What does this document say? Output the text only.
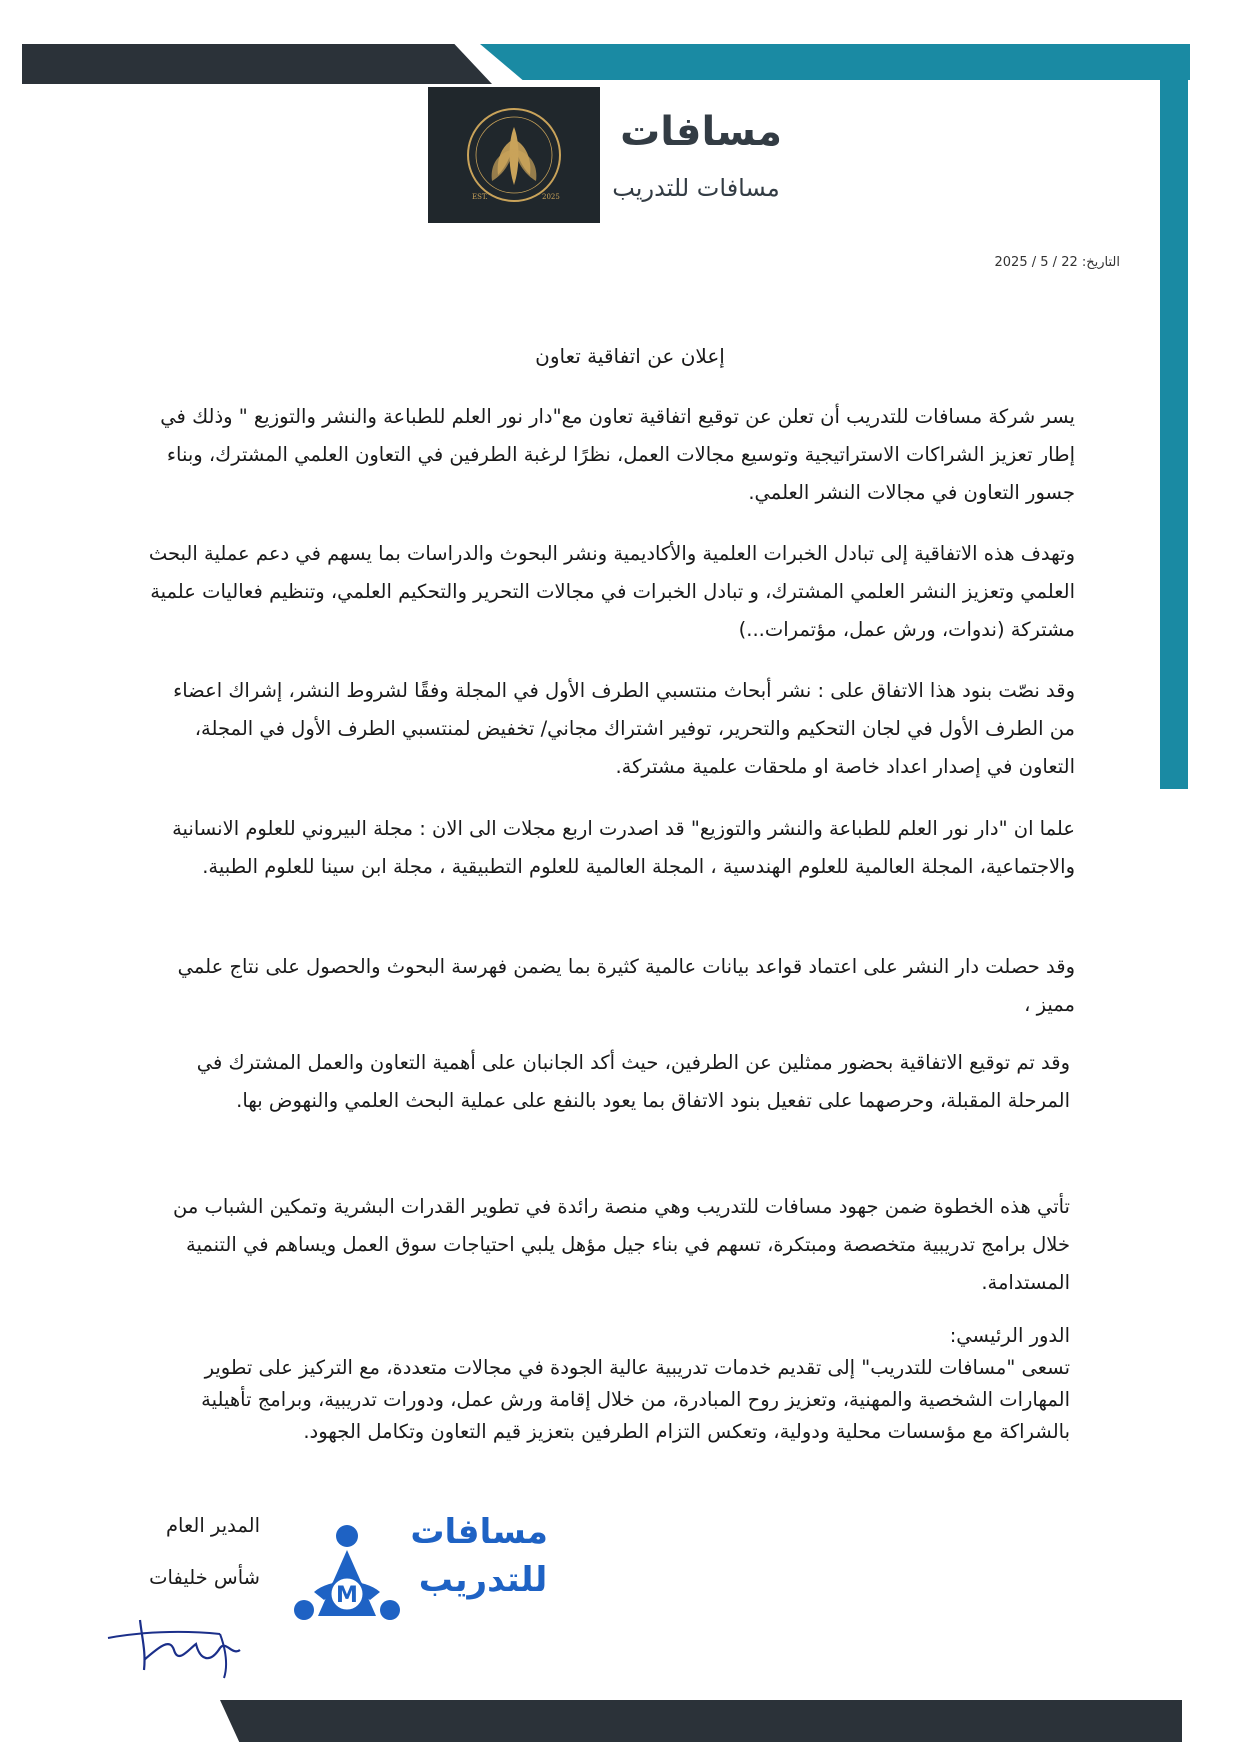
EST.	2025
مسافات
مسافات للتدريب
التاريخ: 22 / 5 / 2025
إعلان عن اتفاقية تعاون
يسر شركة مسافات للتدريب أن تعلن عن توقيع اتفاقية تعاون مع"دار نور العلم للطباعة والنشر والتوزيع " وذلك في إطار تعزيز الشراكات الاستراتيجية وتوسيع مجالات العمل، نظرًا لرغبة الطرفين في التعاون العلمي المشترك، وبناء جسور التعاون في مجالات النشر العلمي.
وتهدف هذه الاتفاقية إلى تبادل الخبرات العلمية والأكاديمية ونشر البحوث والدراسات بما يسهم في دعم عملية البحث العلمي وتعزيز النشر العلمي المشترك، و تبادل الخبرات في مجالات التحرير والتحكيم العلمي، وتنظيم فعاليات علمية مشتركة (ندوات، ورش عمل، مؤتمرات...)
وقد نصّت بنود هذا الاتفاق على : نشر أبحاث منتسبي الطرف الأول في المجلة وفقًا لشروط النشر، إشراك اعضاء من الطرف الأول في لجان التحكيم والتحرير، توفير اشتراك مجاني/ تخفيض لمنتسبي الطرف الأول في المجلة، التعاون في إصدار اعداد خاصة او ملحقات علمية مشتركة.
علما ان "دار نور العلم للطباعة والنشر والتوزيع" قد اصدرت اربع مجلات الى الان : مجلة البيروني للعلوم الانسانية والاجتماعية، المجلة العالمية للعلوم الهندسية ، المجلة العالمية للعلوم التطبيقية ، مجلة ابن سينا للعلوم الطبية.
وقد حصلت دار النشر على اعتماد قواعد بيانات عالمية كثيرة بما يضمن فهرسة البحوث والحصول على نتاج علمي مميز ،
وقد تم توقيع الاتفاقية بحضور ممثلين عن الطرفين، حيث أكد الجانبان على أهمية التعاون والعمل المشترك في المرحلة المقبلة، وحرصهما على تفعيل بنود الاتفاق بما يعود بالنفع على عملية البحث العلمي والنهوض بها.
تأتي هذه الخطوة ضمن جهود مسافات للتدريب وهي منصة رائدة في تطوير القدرات البشرية وتمكين الشباب من خلال برامج تدريبية متخصصة ومبتكرة، تسهم في بناء جيل مؤهل يلبي احتياجات سوق العمل ويساهم في التنمية المستدامة.
الدور الرئيسي:
تسعى "مسافات للتدريب" إلى تقديم خدمات تدريبية عالية الجودة في مجالات متعددة، مع التركيز على تطوير المهارات الشخصية والمهنية، وتعزيز روح المبادرة، من خلال إقامة ورش عمل، ودورات تدريبية، وبرامج تأهيلية بالشراكة مع مؤسسات محلية ودولية، وتعكس التزام الطرفين بتعزيز قيم التعاون وتكامل الجهود.
المدير العام
شأس خليفات
M
مسافات
للتدريب
